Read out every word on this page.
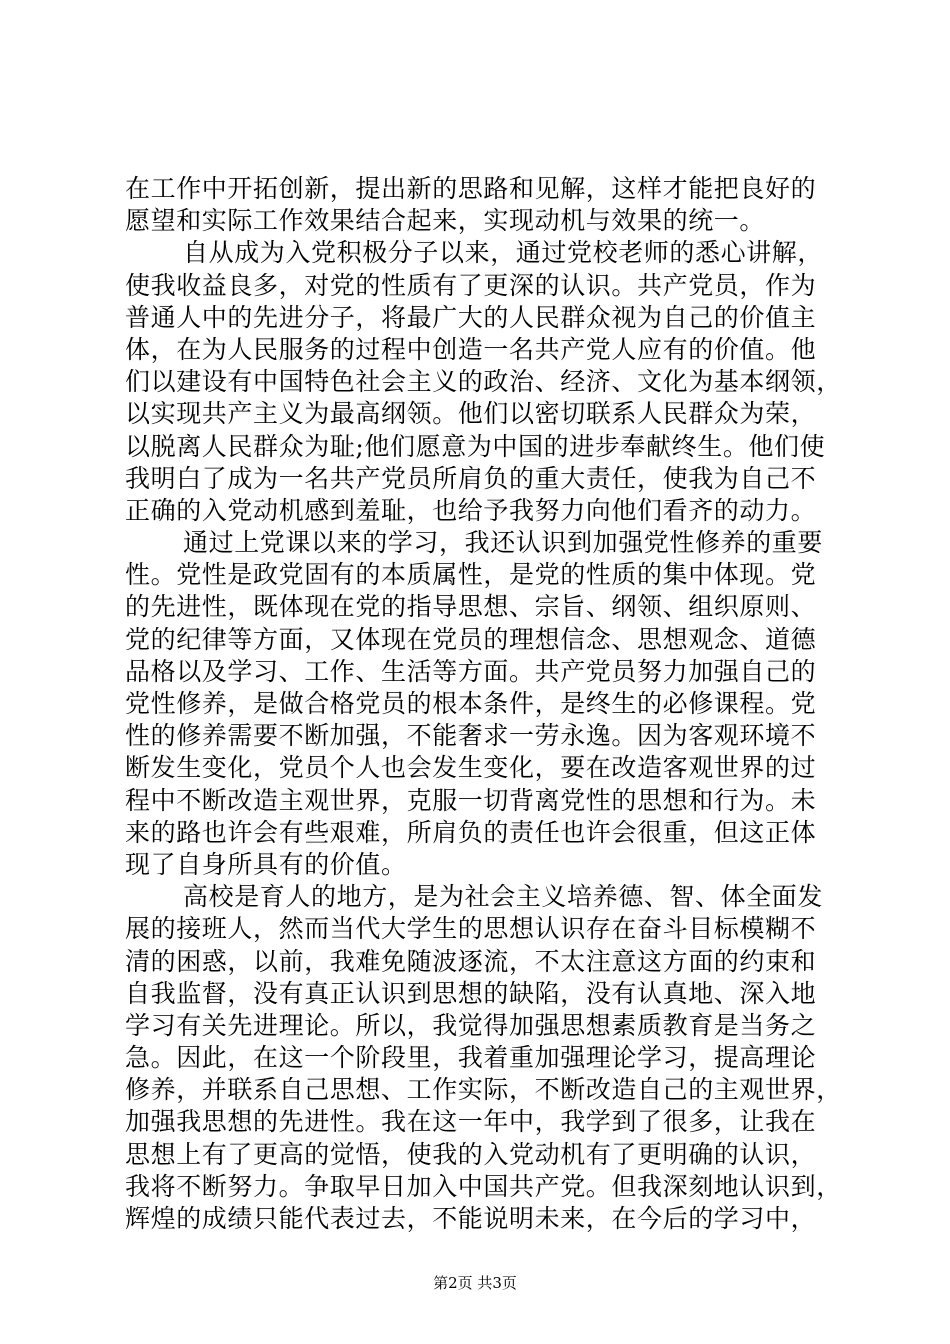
在工作中开拓创新，提出新的思路和见解，这样才能把良好的
愿望和实际工作效果结合起来，实现动机与效果的统一。
自从成为入党积极分子以来，通过党校老师的悉心讲解，
使我收益良多，对党的性质有了更深的认识。共产党员，作为
普通人中的先进分子，将最广大的人民群众视为自己的价值主
体，在为人民服务的过程中创造一名共产党人应有的价值。他
们以建设有中国特色社会主义的政治、经济、文化为基本纲领，
以实现共产主义为最高纲领。他们以密切联系人民群众为荣，
以脱离人民群众为耻;他们愿意为中国的进步奉献终生。他们使
我明白了成为一名共产党员所肩负的重大责任，使我为自己不
正确的入党动机感到羞耻，也给予我努力向他们看齐的动力。
通过上党课以来的学习，我还认识到加强党性修养的重要
性。党性是政党固有的本质属性，是党的性质的集中体现。党
的先进性，既体现在党的指导思想、宗旨、纲领、组织原则、
党的纪律等方面，又体现在党员的理想信念、思想观念、道德
品格以及学习、工作、生活等方面。共产党员努力加强自己的
党性修养，是做合格党员的根本条件，是终生的必修课程。党
性的修养需要不断加强，不能奢求一劳永逸。因为客观环境不
断发生变化，党员个人也会发生变化，要在改造客观世界的过
程中不断改造主观世界，克服一切背离党性的思想和行为。未
来的路也许会有些艰难，所肩负的责任也许会很重，但这正体
现了自身所具有的价值。
高校是育人的地方，是为社会主义培养德、智、体全面发
展的接班人，然而当代大学生的思想认识存在奋斗目标模糊不
清的困惑，以前，我难免随波逐流，不太注意这方面的约束和
自我监督，没有真正认识到思想的缺陷，没有认真地、深入地
学习有关先进理论。所以，我觉得加强思想素质教育是当务之
急。因此，在这一个阶段里，我着重加强理论学习，提高理论
修养，并联系自己思想、工作实际，不断改造自己的主观世界，
加强我思想的先进性。我在这一年中，我学到了很多，让我在
思想上有了更高的觉悟，使我的入党动机有了更明确的认识，
我将不断努力。争取早日加入中国共产党。但我深刻地认识到，
辉煌的成绩只能代表过去，不能说明未来，在今后的学习中，
第2页 共3页
